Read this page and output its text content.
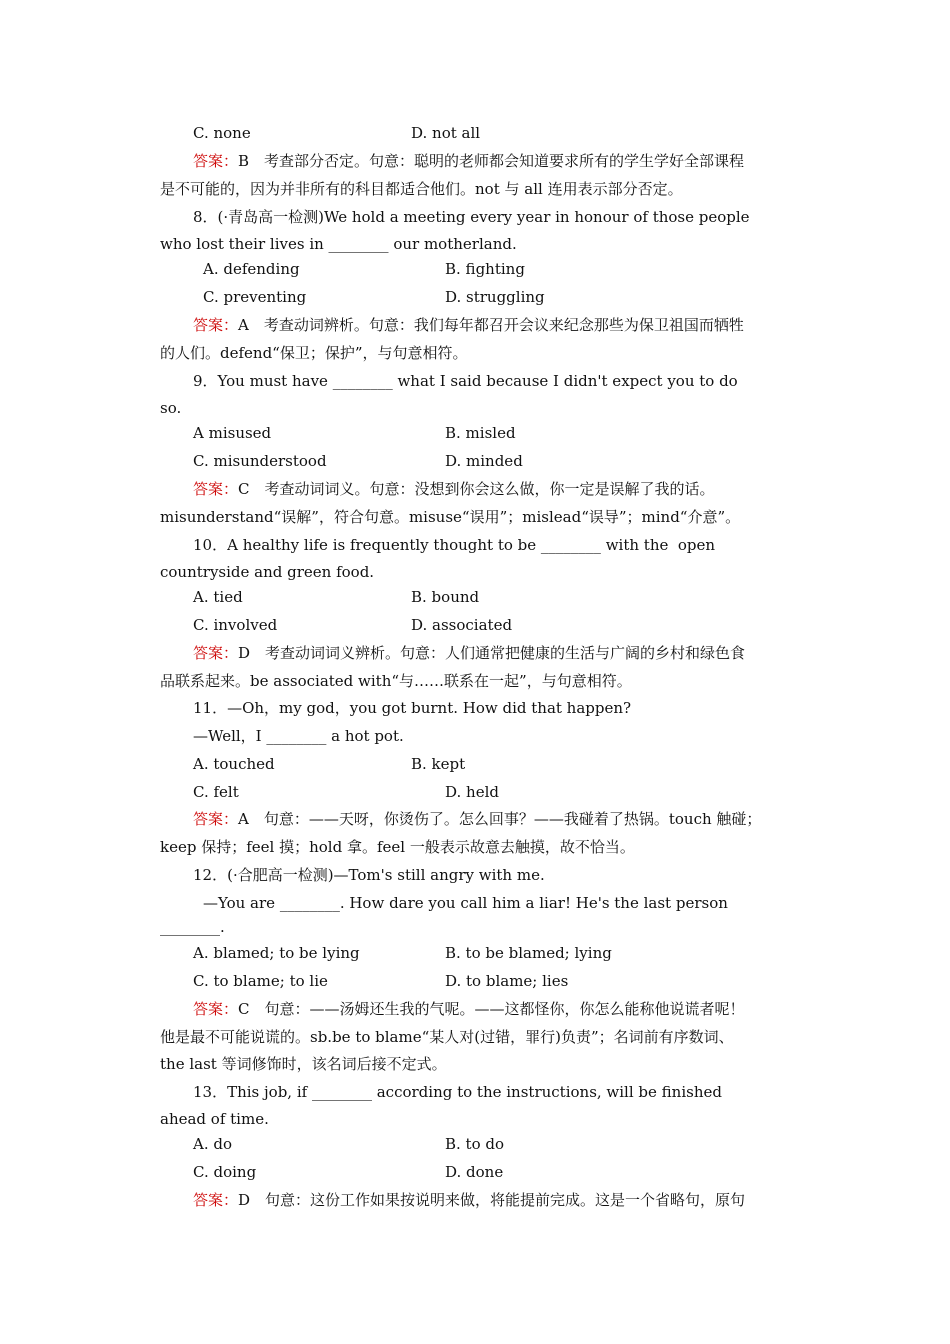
C. none	D. not all
答案：B　考查部分否定。句意：聪明的老师都会知道要求所有的学生学好全部课程
是不可能的，因为并非所有的科目都适合他们。not 与 all 连用表示部分否定。
8．(·青岛高一检测)We hold a meeting every year in honour of those people
who lost their lives in ________ our motherland.
A. defending	B. fighting
C. preventing	D. struggling
答案：A　考查动词辨析。句意：我们每年都召开会议来纪念那些为保卫祖国而牺牲
的人们。defend“保卫；保护”，与句意相符。
9．You must have ________ what I said because I didn't expect you to do
so.
A misused	B. misled
C. misunderstood	D. minded
答案：C　考查动词词义。句意：没想到你会这么做，你一定是误解了我的话。
misunderstand“误解”，符合句意。misuse“误用”；mislead“误导”；mind“介意”。
10．A healthy life is frequently thought to be ________ with the  open
countryside and green food.
A. tied	B. bound
C. involved	D. associated
答案：D　考查动词词义辨析。句意：人们通常把健康的生活与广阔的乡村和绿色食
品联系起来。be associated with“与……联系在一起”，与句意相符。
11．—Oh，my god，you got burnt. How did that happen?
—Well，I ________ a hot pot.
A. touched	B. kept
C. felt	D. held
答案：A　句意：——天呀，你烫伤了。怎么回事？——我碰着了热锅。touch 触碰；
keep 保持；feel 摸；hold 拿。feel 一般表示故意去触摸，故不恰当。
12．(·合肥高一检测)—Tom's still angry with me.
—You are ________. How dare you call him a liar! He's the last person
________.
A. blamed; to be lying	B. to be blamed; lying
C. to blame; to lie	D. to blame; lies
答案：C　句意：——汤姆还生我的气呢。——这都怪你，你怎么能称他说谎者呢！
他是最不可能说谎的。sb.be to blame“某人对(过错，罪行)负责”；名词前有序数词、
the last 等词修饰时，该名词后接不定式。
13．This job, if ________ according to the instructions, will be finished
ahead of time.
A. do	B. to do
C. doing	D. done
答案：D　句意：这份工作如果按说明来做，将能提前完成。这是一个省略句，原句
